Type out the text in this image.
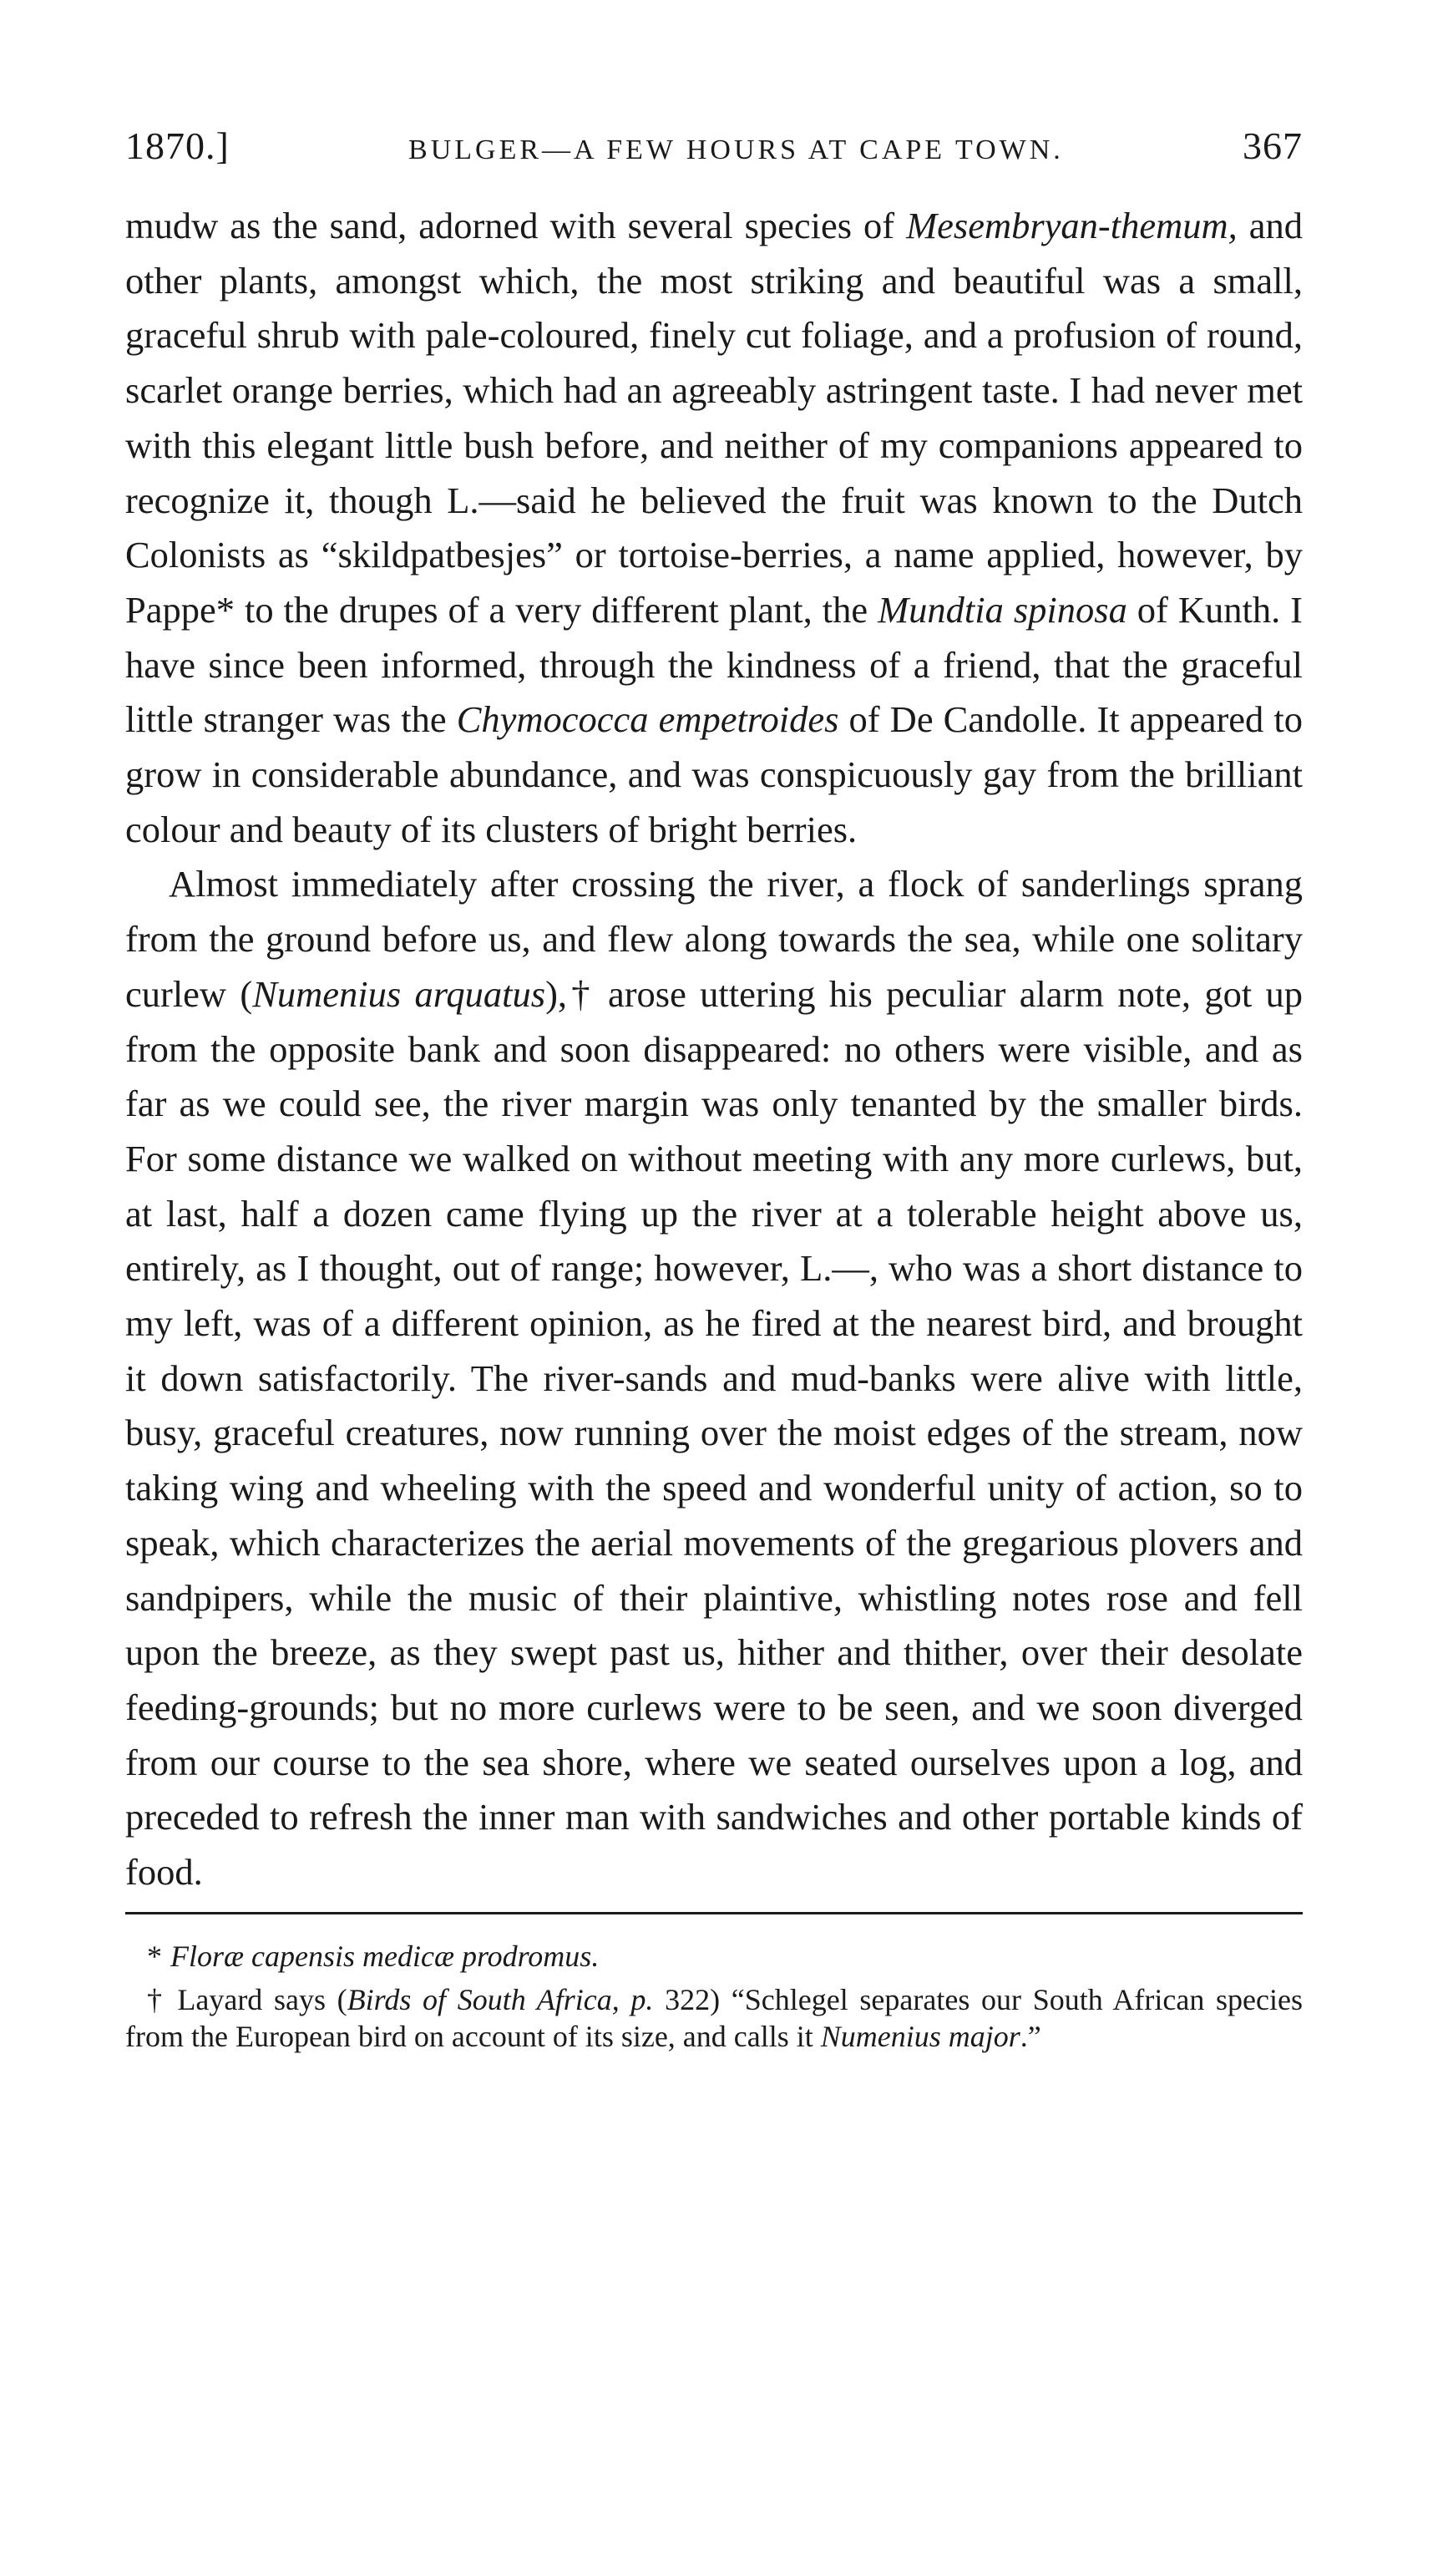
1870.]	BULGER—A FEW HOURS AT CAPE TOWN.	367

mudw as the sand, adorned with several species of Mesembryan-themum, and other plants, amongst which, the most striking and beautiful was a small, graceful shrub with pale-coloured, finely cut foliage, and a profusion of round, scarlet orange berries, which had an agreeably astringent taste. I had never met with this elegant little bush before, and neither of my companions appeared to recognize it, though L.—said he believed the fruit was known to the Dutch Colonists as “skildpatbesjes” or tortoise-berries, a name applied, however, by Pappe* to the drupes of a very different plant, the Mundtia spinosa of Kunth. I have since been informed, through the kindness of a friend, that the graceful little stranger was the Chymococca empetroides of De Candolle. It appeared to grow in considerable abundance, and was conspicuously gay from the brilliant colour and beauty of its clusters of bright berries.

Almost immediately after crossing the river, a flock of sanderlings sprang from the ground before us, and flew along towards the sea, while one solitary curlew (Numenius arquatus),† arose uttering his peculiar alarm note, got up from the opposite bank and soon disappeared: no others were visible, and as far as we could see, the river margin was only tenanted by the smaller birds. For some distance we walked on without meeting with any more curlews, but, at last, half a dozen came flying up the river at a tolerable height above us, entirely, as I thought, out of range; however, L.—, who was a short distance to my left, was of a different opinion, as he fired at the nearest bird, and brought it down satisfactorily. The river-sands and mud-banks were alive with little, busy, graceful creatures, now running over the moist edges of the stream, now taking wing and wheeling with the speed and wonderful unity of action, so to speak, which characterizes the aerial movements of the gregarious plovers and sandpipers, while the music of their plaintive, whistling notes rose and fell upon the breeze, as they swept past us, hither and thither, over their desolate feeding-grounds; but no more curlews were to be seen, and we soon diverged from our course to the sea shore, where we seated ourselves upon a log, and preceded to refresh the inner man with sandwiches and other portable kinds of food.

* Floræ capensis medicæ prodromus.

† Layard says (Birds of South Africa, p. 322) “Schlegel separates our South African species from the European bird on account of its size, and calls it Numenius major.”
